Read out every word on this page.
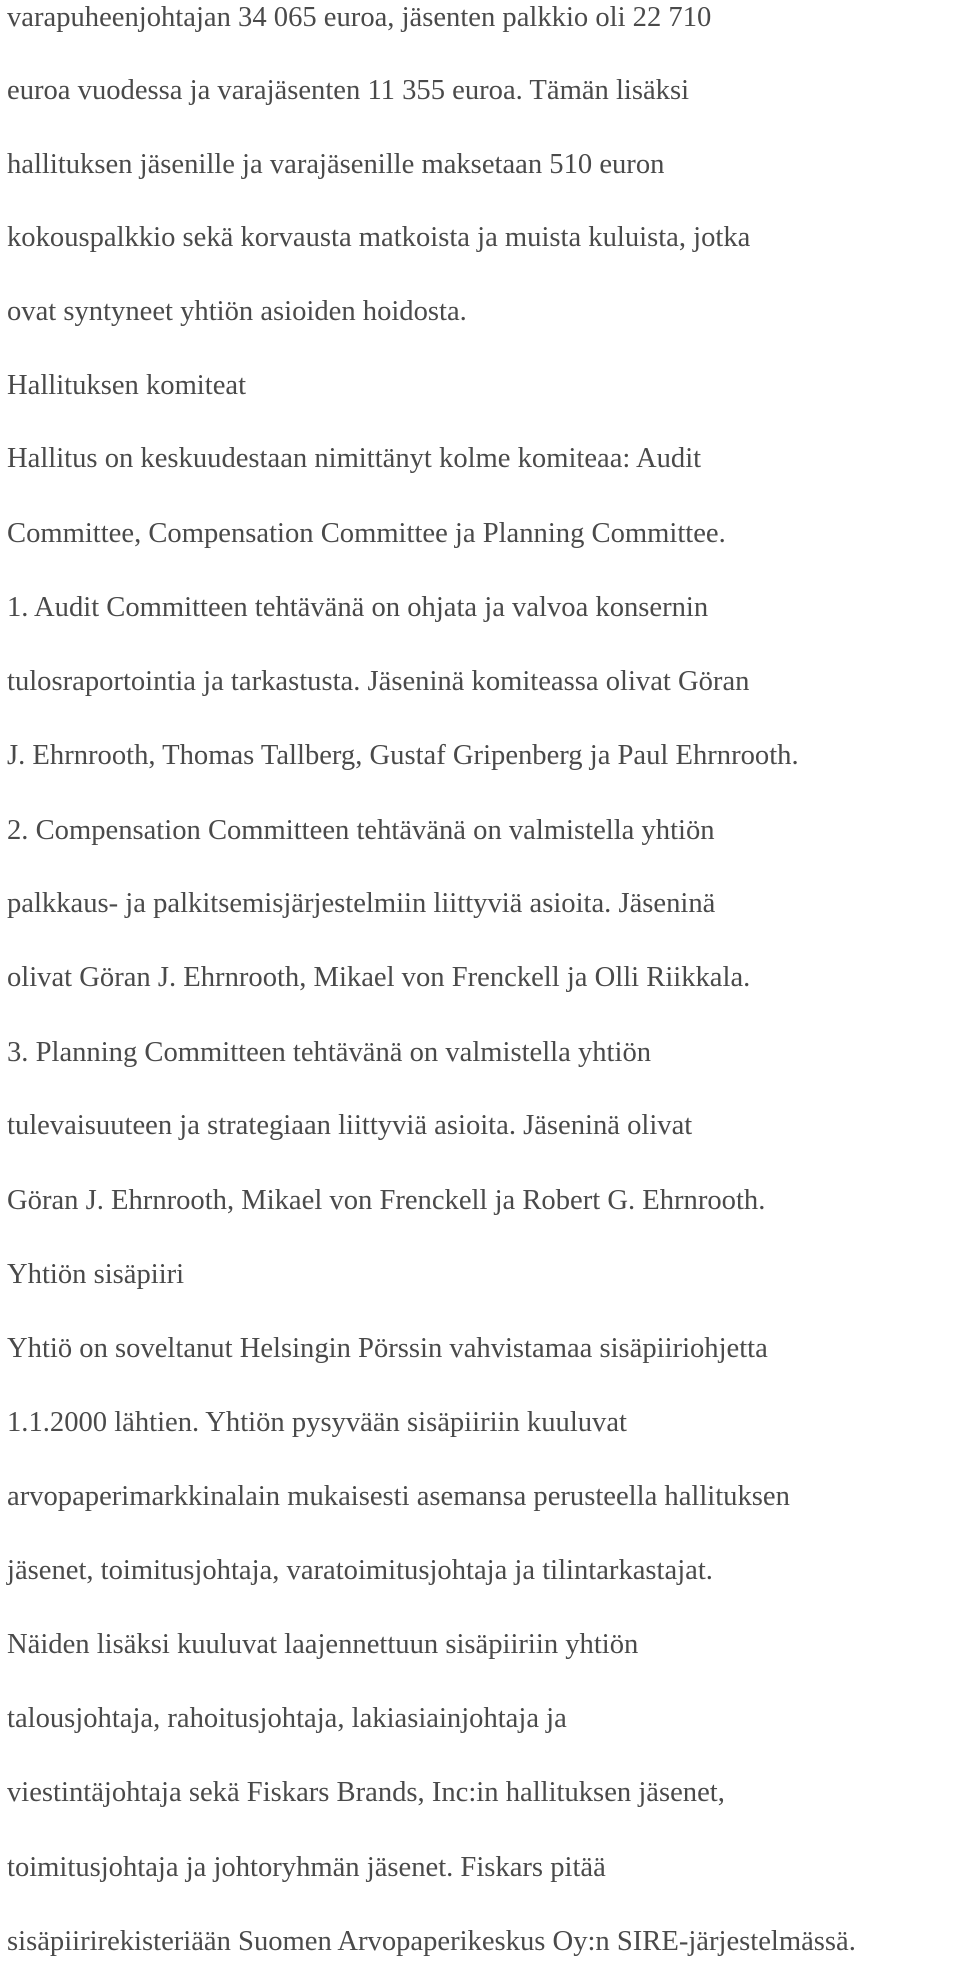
varapuheenjohtajan 34 065 euroa, jäsenten palkkio oli 22 710
euroa vuodessa ja varajäsenten 11 355 euroa. Tämän lisäksi
hallituksen jäsenille ja varajäsenille maksetaan 510 euron
kokouspalkkio sekä korvausta matkoista ja muista kuluista, jotka
ovat syntyneet yhtiön asioiden hoidosta.
Hallituksen komiteat
Hallitus on keskuudestaan nimittänyt kolme komiteaa: Audit
Committee, Compensation Committee ja Planning Committee.
1. Audit Committeen tehtävänä on ohjata ja valvoa konsernin
tulosraportointia ja tarkastusta. Jäseninä komiteassa olivat Göran
J. Ehrnrooth, Thomas Tallberg, Gustaf Gripenberg ja Paul Ehrnrooth.
2. Compensation Committeen tehtävänä on valmistella yhtiön
palkkaus- ja palkitsemisjärjestelmiin liittyviä asioita. Jäseninä
olivat Göran J. Ehrnrooth, Mikael von Frenckell ja Olli Riikkala.
3. Planning Committeen tehtävänä on valmistella yhtiön
tulevaisuuteen ja strategiaan liittyviä asioita. Jäseninä olivat
Göran J. Ehrnrooth, Mikael von Frenckell ja Robert G. Ehrnrooth.
Yhtiön sisäpiiri
Yhtiö on soveltanut Helsingin Pörssin vahvistamaa sisäpiiriohjetta
1.1.2000 lähtien. Yhtiön pysyvään sisäpiiriin kuuluvat
arvopaperimarkkinalain mukaisesti asemansa perusteella hallituksen
jäsenet, toimitusjohtaja, varatoimitusjohtaja ja tilintarkastajat.
Näiden lisäksi kuuluvat laajennettuun sisäpiiriin yhtiön
talousjohtaja, rahoitusjohtaja, lakiasiainjohtaja ja
viestintäjohtaja sekä Fiskars Brands, Inc:in hallituksen jäsenet,
toimitusjohtaja ja johtoryhmän jäsenet. Fiskars pitää
sisäpiirirekisteriään Suomen Arvopaperikeskus Oy:n SIRE-järjestelmässä.
